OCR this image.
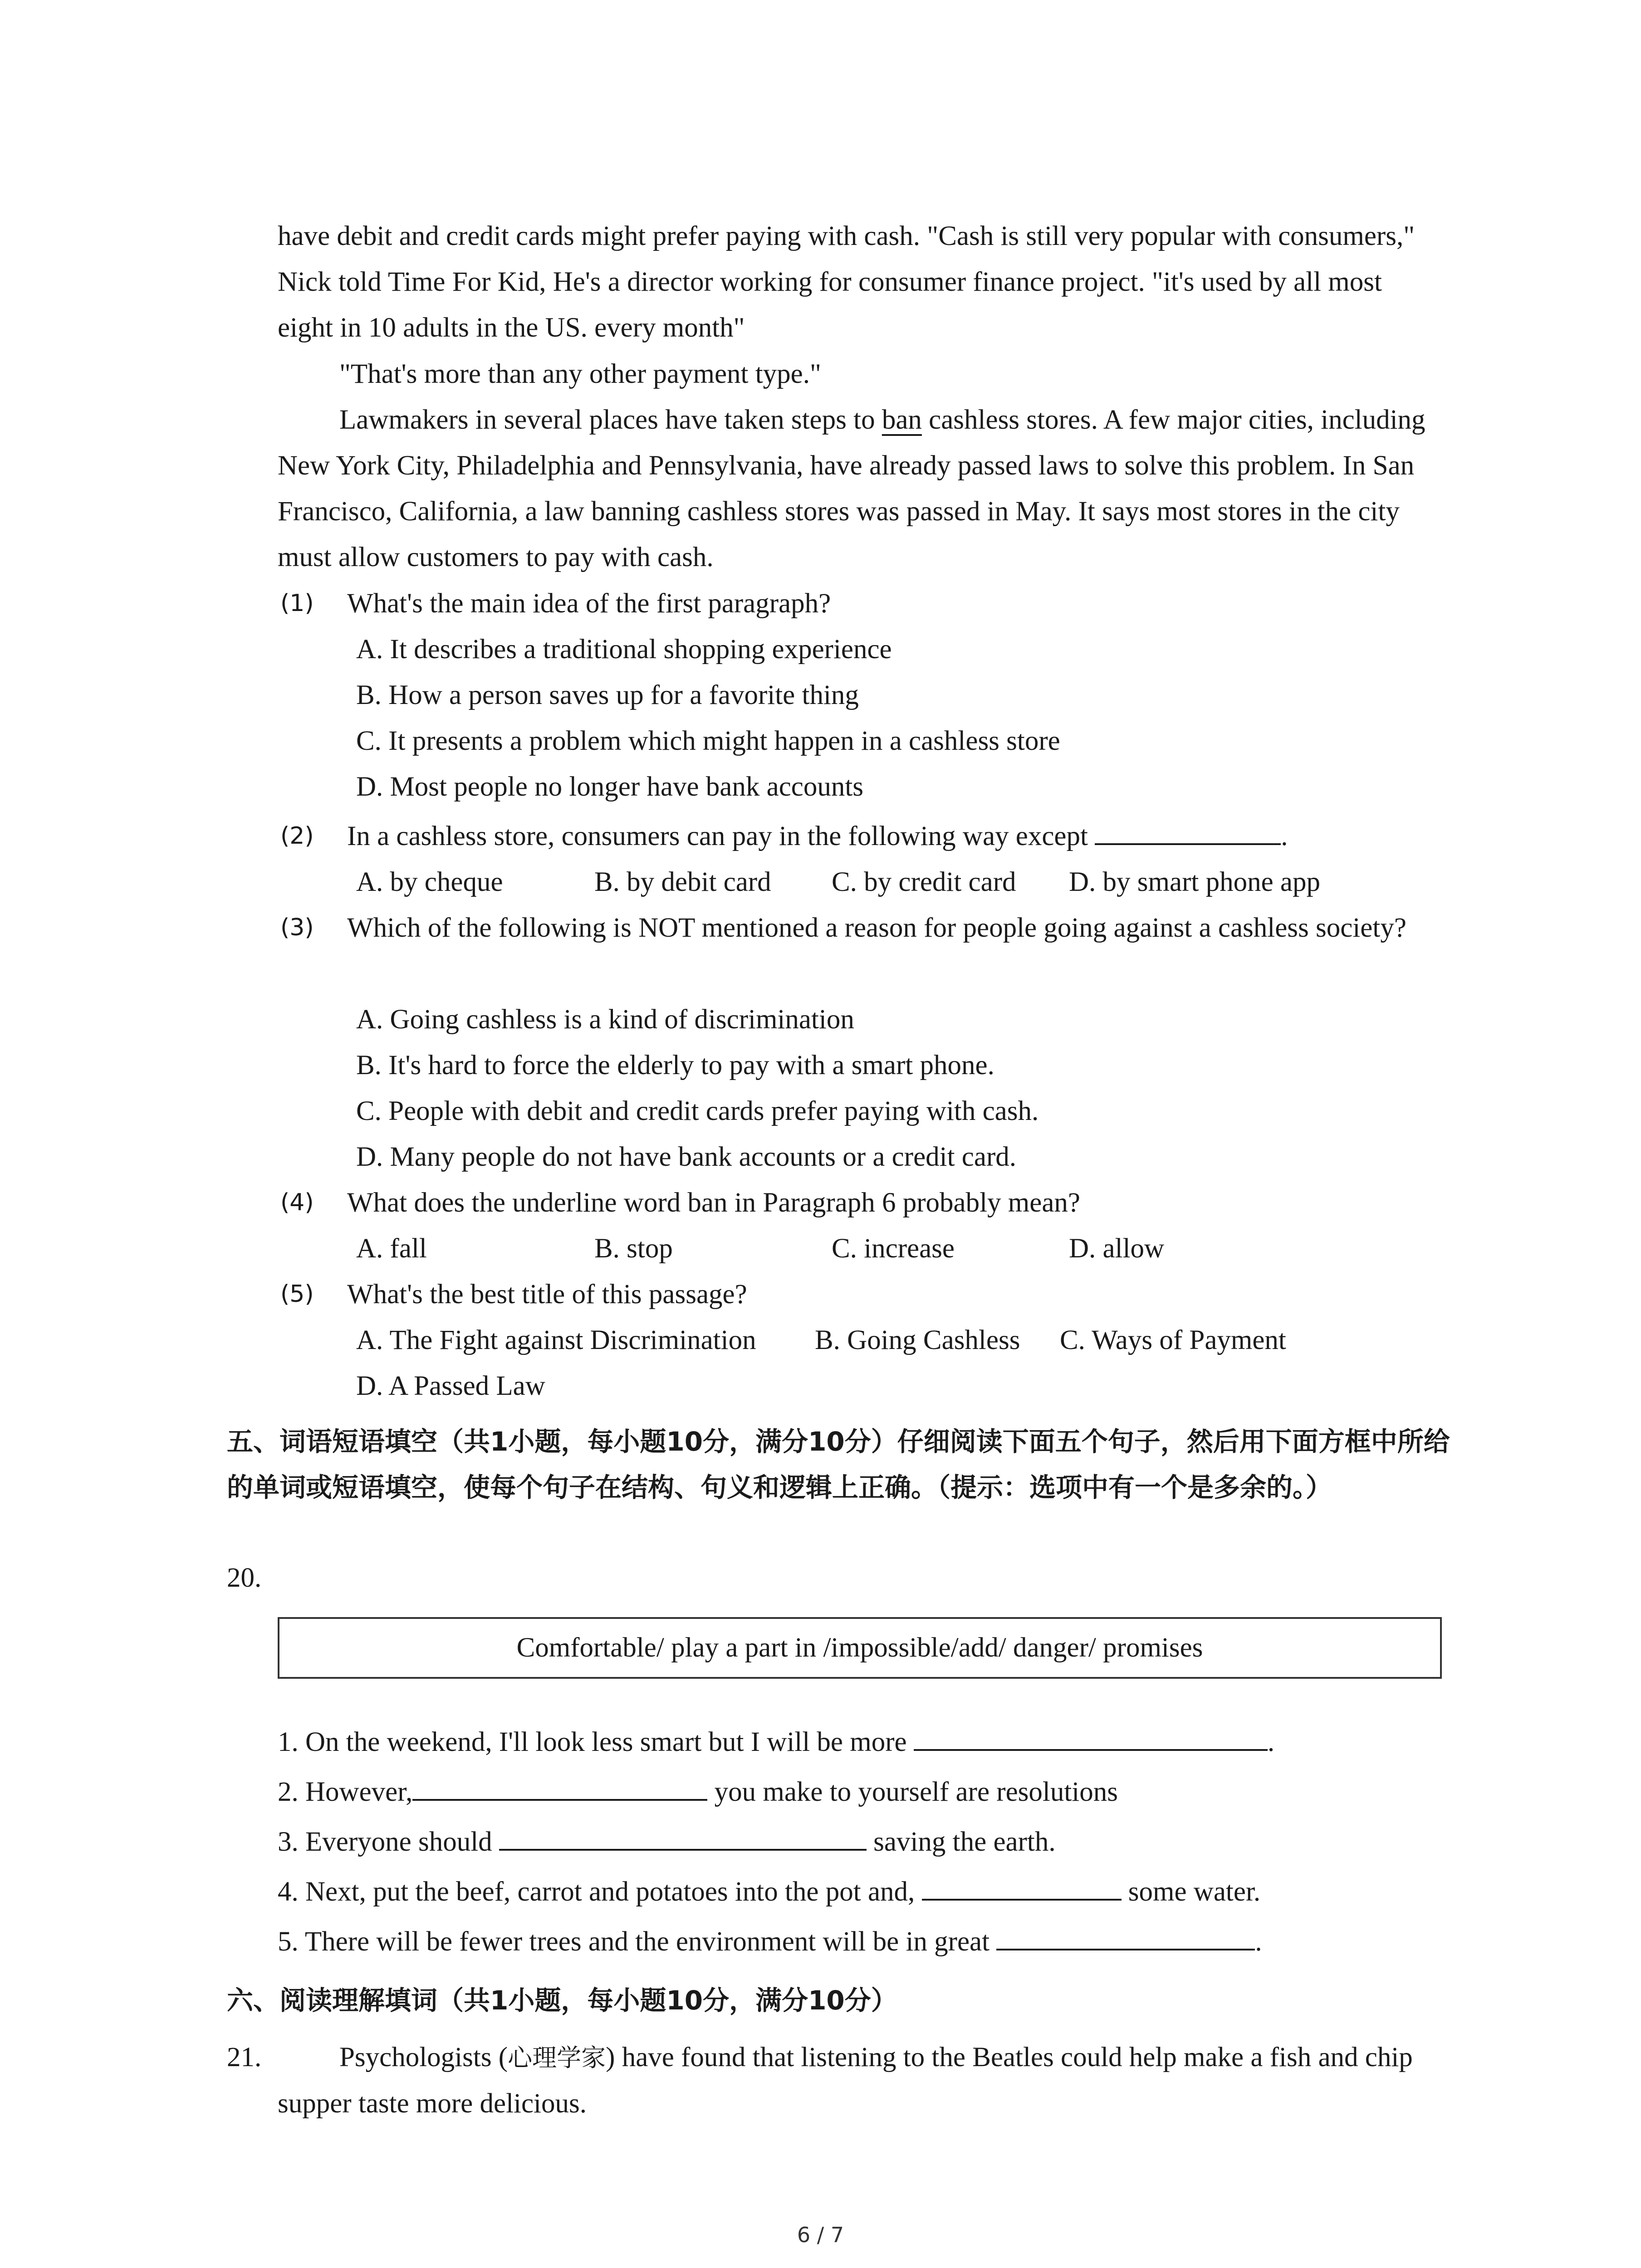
have debit and credit cards might prefer paying with cash. "Cash is still very popular with consumers," Nick told Time For Kid, He's a director working for consumer finance project. "it's used by all most eight in 10 adults in the US. every month"
"That's more than any other payment type."
Lawmakers in several places have taken steps to ban cashless stores. A few major cities, including New York City, Philadelphia and Pennsylvania, have already passed laws to solve this problem. In San Francisco, California, a law banning cashless stores was passed in May. It says most stores in the city must allow customers to pay with cash.
(1) What's the main idea of the first paragraph?
A. It describes a traditional shopping experience
B. How a person saves up for a favorite thing
C. It presents a problem which might happen in a cashless store
D. Most people no longer have bank accounts
(2) In a cashless store, consumers can pay in the following way except	.
A. by cheque	B. by debit card C. by credit card D. by smart phone app
(3) Which of the following is NOT mentioned a reason for people going against a cashless society?
A. Going cashless is a kind of discrimination
B. It's hard to force the elderly to pay with a smart phone.
C. People with debit and credit cards prefer paying with cash.
D. Many people do not have bank accounts or a credit card.
(4) What does the underline word ban in Paragraph 6 probably mean?
A. fall	B. stop	C. increase	D. allow
(5) What's the best title of this passage?
A. The Fight against Discrimination B. Going Cashless C. Ways of Payment
D. A Passed Law
五、词语短语填空（共1小题，每小题10分，满分10分）仔细阅读下面五个句子，然后用下面方框中所给的单词或短语填空，使每个句子在结构、句义和逻辑上正确。（提示：选项中有一个是多余的。）
20.
Comfortable/ play a part in /impossible/add/ danger/ promises
1. On the weekend, I'll look less smart but I will be more	.
2. However,	you make to yourself are resolutions
3. Everyone should	saving the earth.
4. Next, put the beef, carrot and potatoes into the pot and,	some water.
5. There will be fewer trees and the environment will be in great	.
六、阅读理解填词（共1小题，每小题10分，满分10分）
21.	Psychologists (心理学家) have found that listening to the Beatles could help make a fish and chip supper taste more delicious.
6 / 7
